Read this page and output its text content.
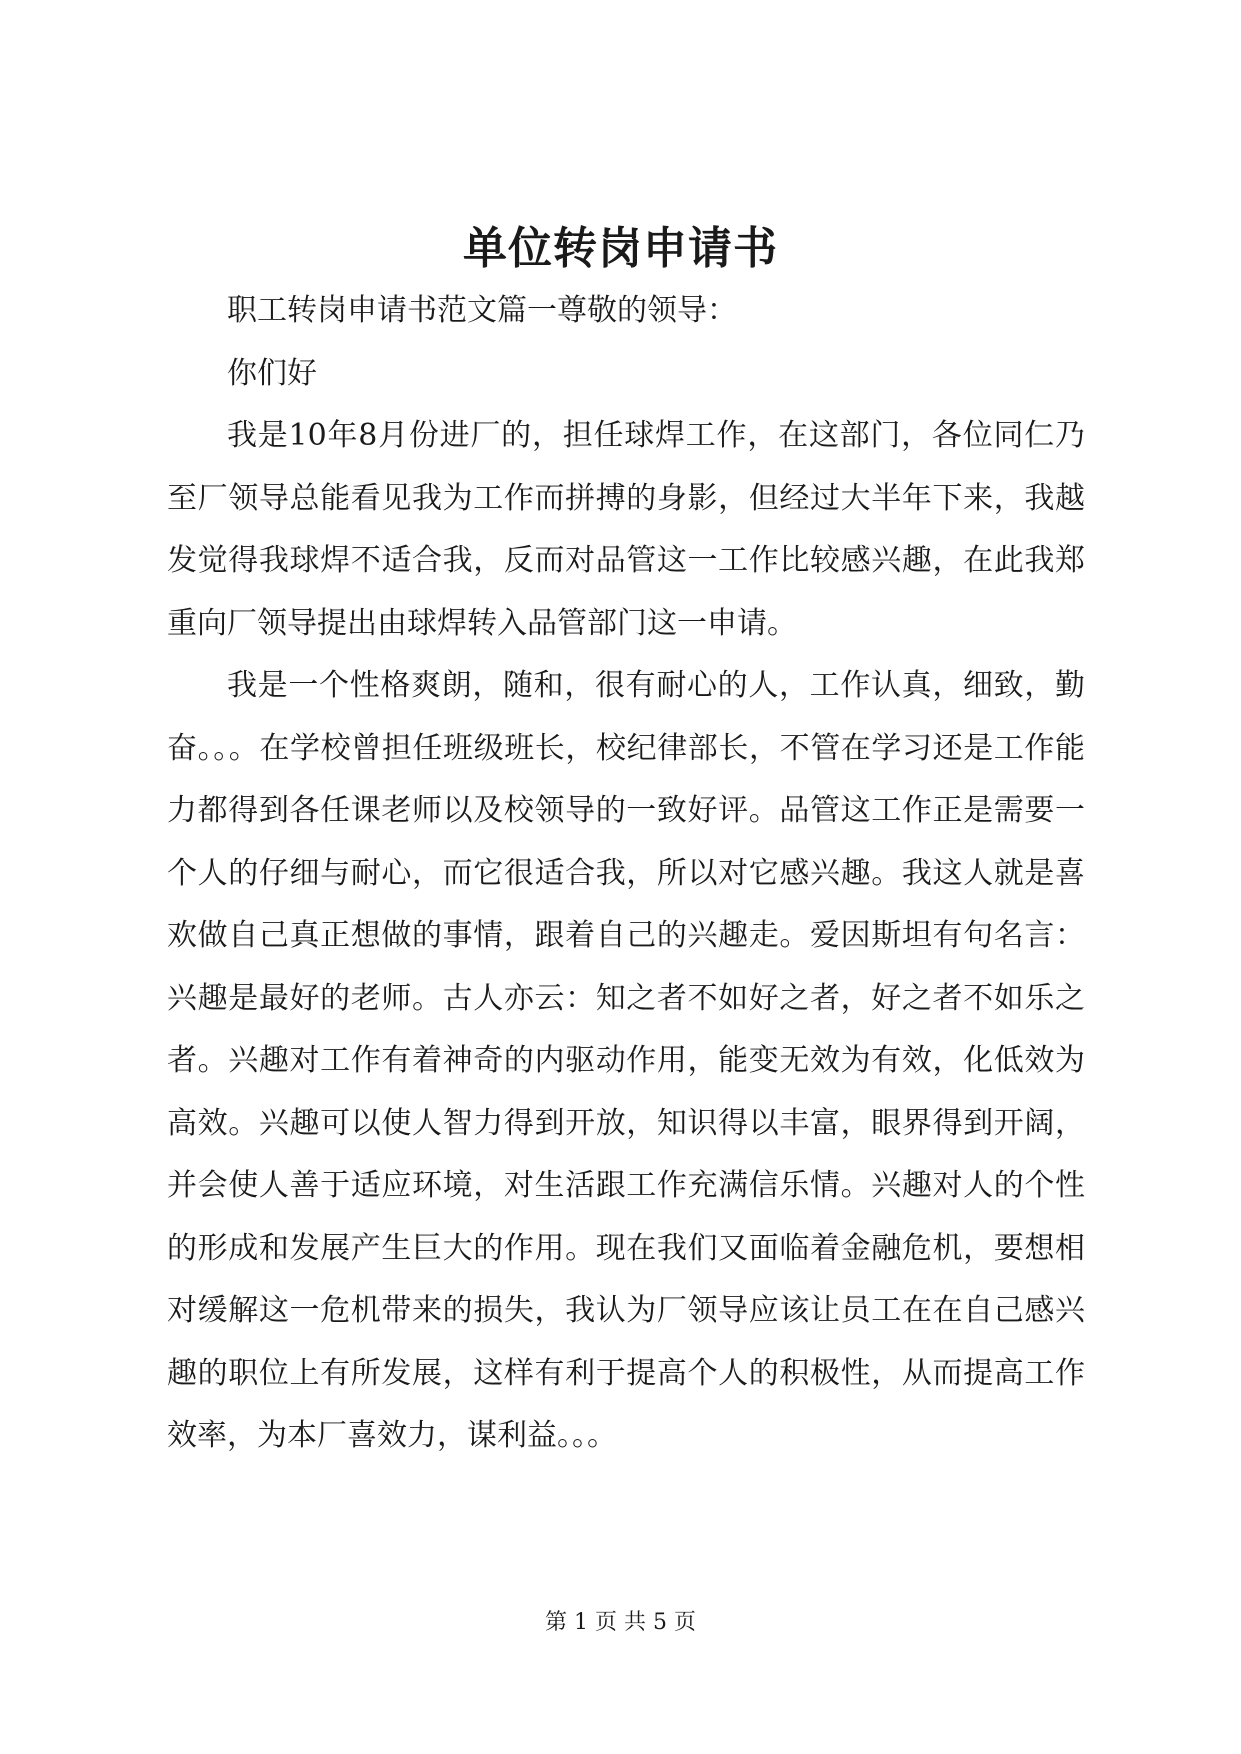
单位转岗申请书

职工转岗申请书范文篇一尊敬的领导：

你们好

我是10年8月份进厂的，担任球焊工作，在这部门，各位同仁乃至厂领导总能看见我为工作而拼搏的身影，但经过大半年下来，我越发觉得我球焊不适合我，反而对品管这一工作比较感兴趣，在此我郑重向厂领导提出由球焊转入品管部门这一申请。

我是一个性格爽朗，随和，很有耐心的人，工作认真，细致，勤奋。。。在学校曾担任班级班长，校纪律部长，不管在学习还是工作能力都得到各任课老师以及校领导的一致好评。品管这工作正是需要一个人的仔细与耐心，而它很适合我，所以对它感兴趣。我这人就是喜欢做自己真正想做的事情，跟着自己的兴趣走。爱因斯坦有句名言：兴趣是最好的老师。古人亦云：知之者不如好之者，好之者不如乐之者。兴趣对工作有着神奇的内驱动作用，能变无效为有效，化低效为高效。兴趣可以使人智力得到开放，知识得以丰富，眼界得到开阔，并会使人善于适应环境，对生活跟工作充满信乐情。兴趣对人的个性的形成和发展产生巨大的作用。现在我们又面临着金融危机，要想相对缓解这一危机带来的损失，我认为厂领导应该让员工在在自己感兴趣的职位上有所发展，这样有利于提高个人的积极性，从而提高工作效率，为本厂喜效力，谋利益。。。

第 1 页 共 5 页
